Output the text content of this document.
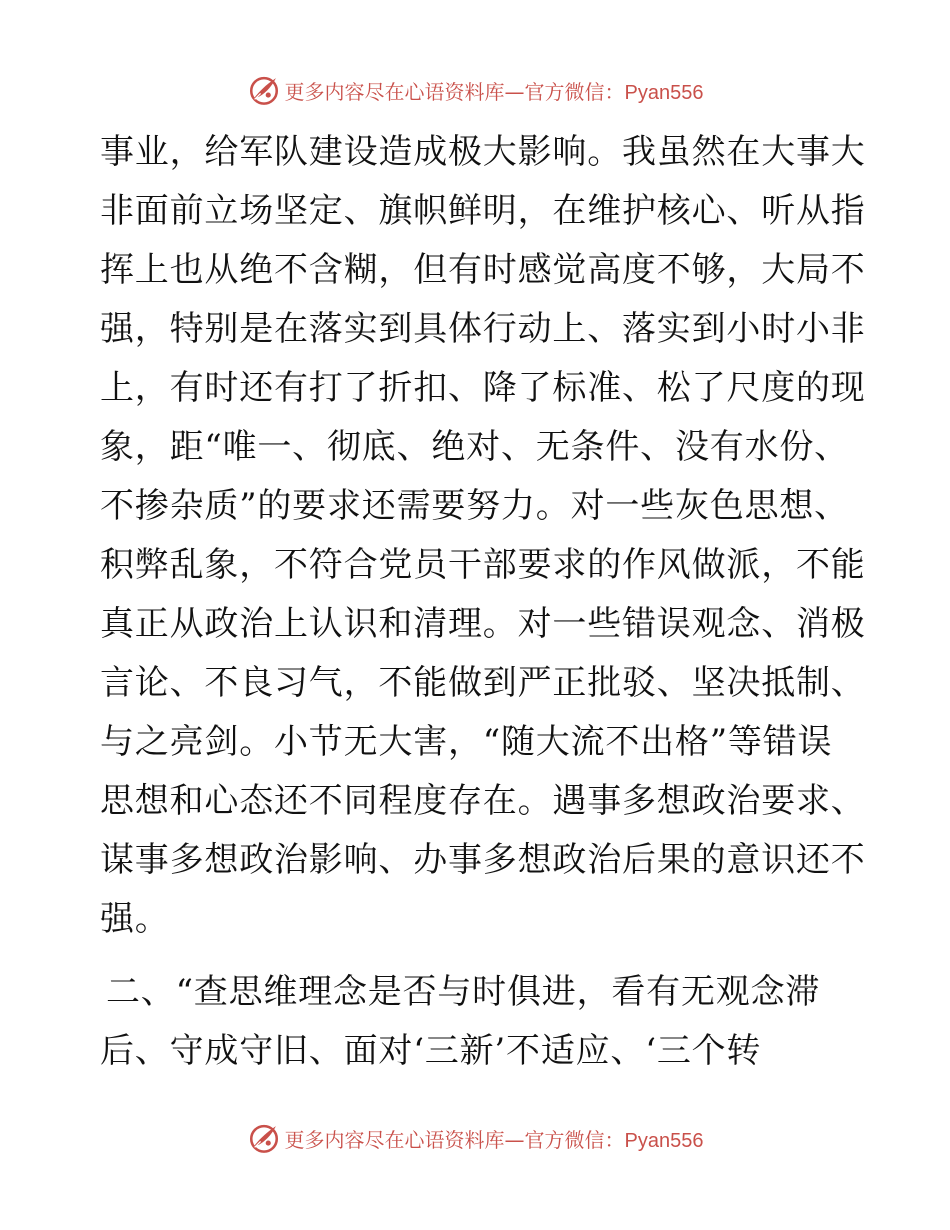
更多内容尽在心语资料库—官方微信：Pyan556
事业，给军队建设造成极大影响。我虽然在大事大
非面前立场坚定、旗帜鲜明，在维护核心、听从指
挥上也从绝不含糊，但有时感觉高度不够，大局不
强，特别是在落实到具体行动上、落实到小时小非
上，有时还有打了折扣、降了标准、松了尺度的现
象，距“唯一、彻底、绝对、无条件、没有水份、
不掺杂质”的要求还需要努力。对一些灰色思想、
积弊乱象，不符合党员干部要求的作风做派，不能
真正从政治上认识和清理。对一些错误观念、消极
言论、不良习气，不能做到严正批驳、坚决抵制、
与之亮剑。小节无大害，“随大流不出格”等错误
思想和心态还不同程度存在。遇事多想政治要求、
谋事多想政治影响、办事多想政治后果的意识还不
强。
二、“查思维理念是否与时俱进，看有无观念滞
后、守成守旧、面对‘三新’不适应、‘三个转
更多内容尽在心语资料库—官方微信：Pyan556
